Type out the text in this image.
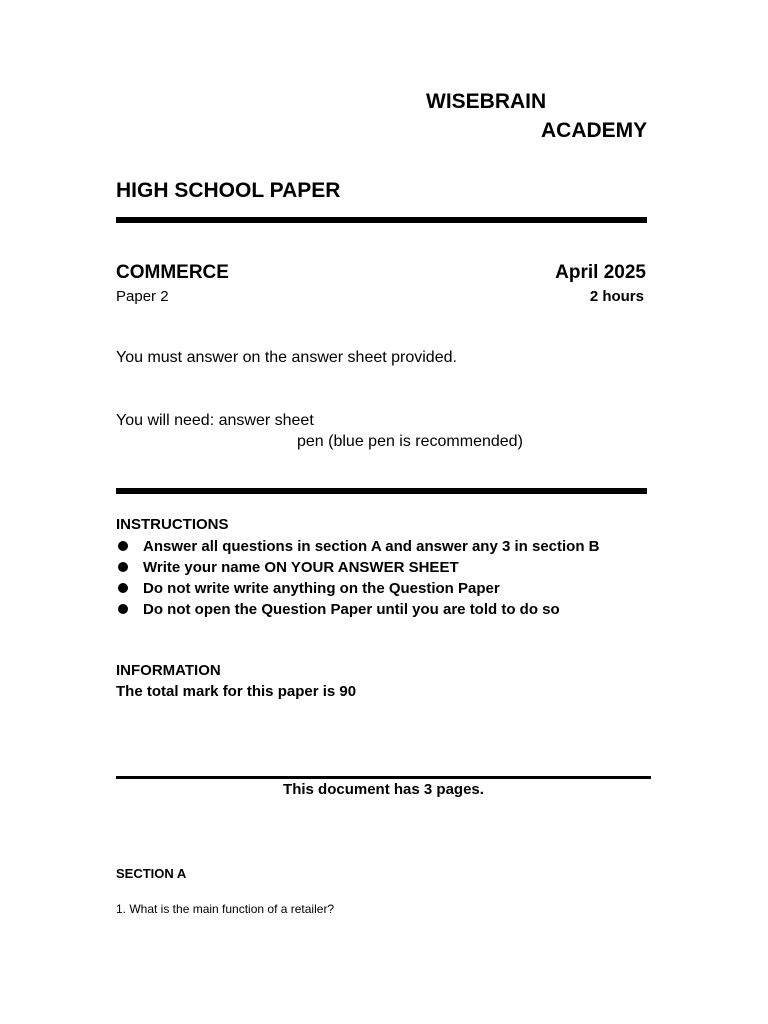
WISEBRAIN
ACADEMY
HIGH SCHOOL PAPER
COMMERCE	April 2025
Paper 2	2 hours
You must answer on the answer sheet provided.
You will need: answer sheet
pen (blue pen is recommended)
INSTRUCTIONS
Answer all questions in section A and answer any 3 in section B
Write your name ON YOUR ANSWER SHEET
Do not write write anything on the Question Paper
Do not open the Question Paper until you are told to do so
INFORMATION
The total mark for this paper is 90
This document has 3 pages.
SECTION A
1. What is the main function of a retailer?
